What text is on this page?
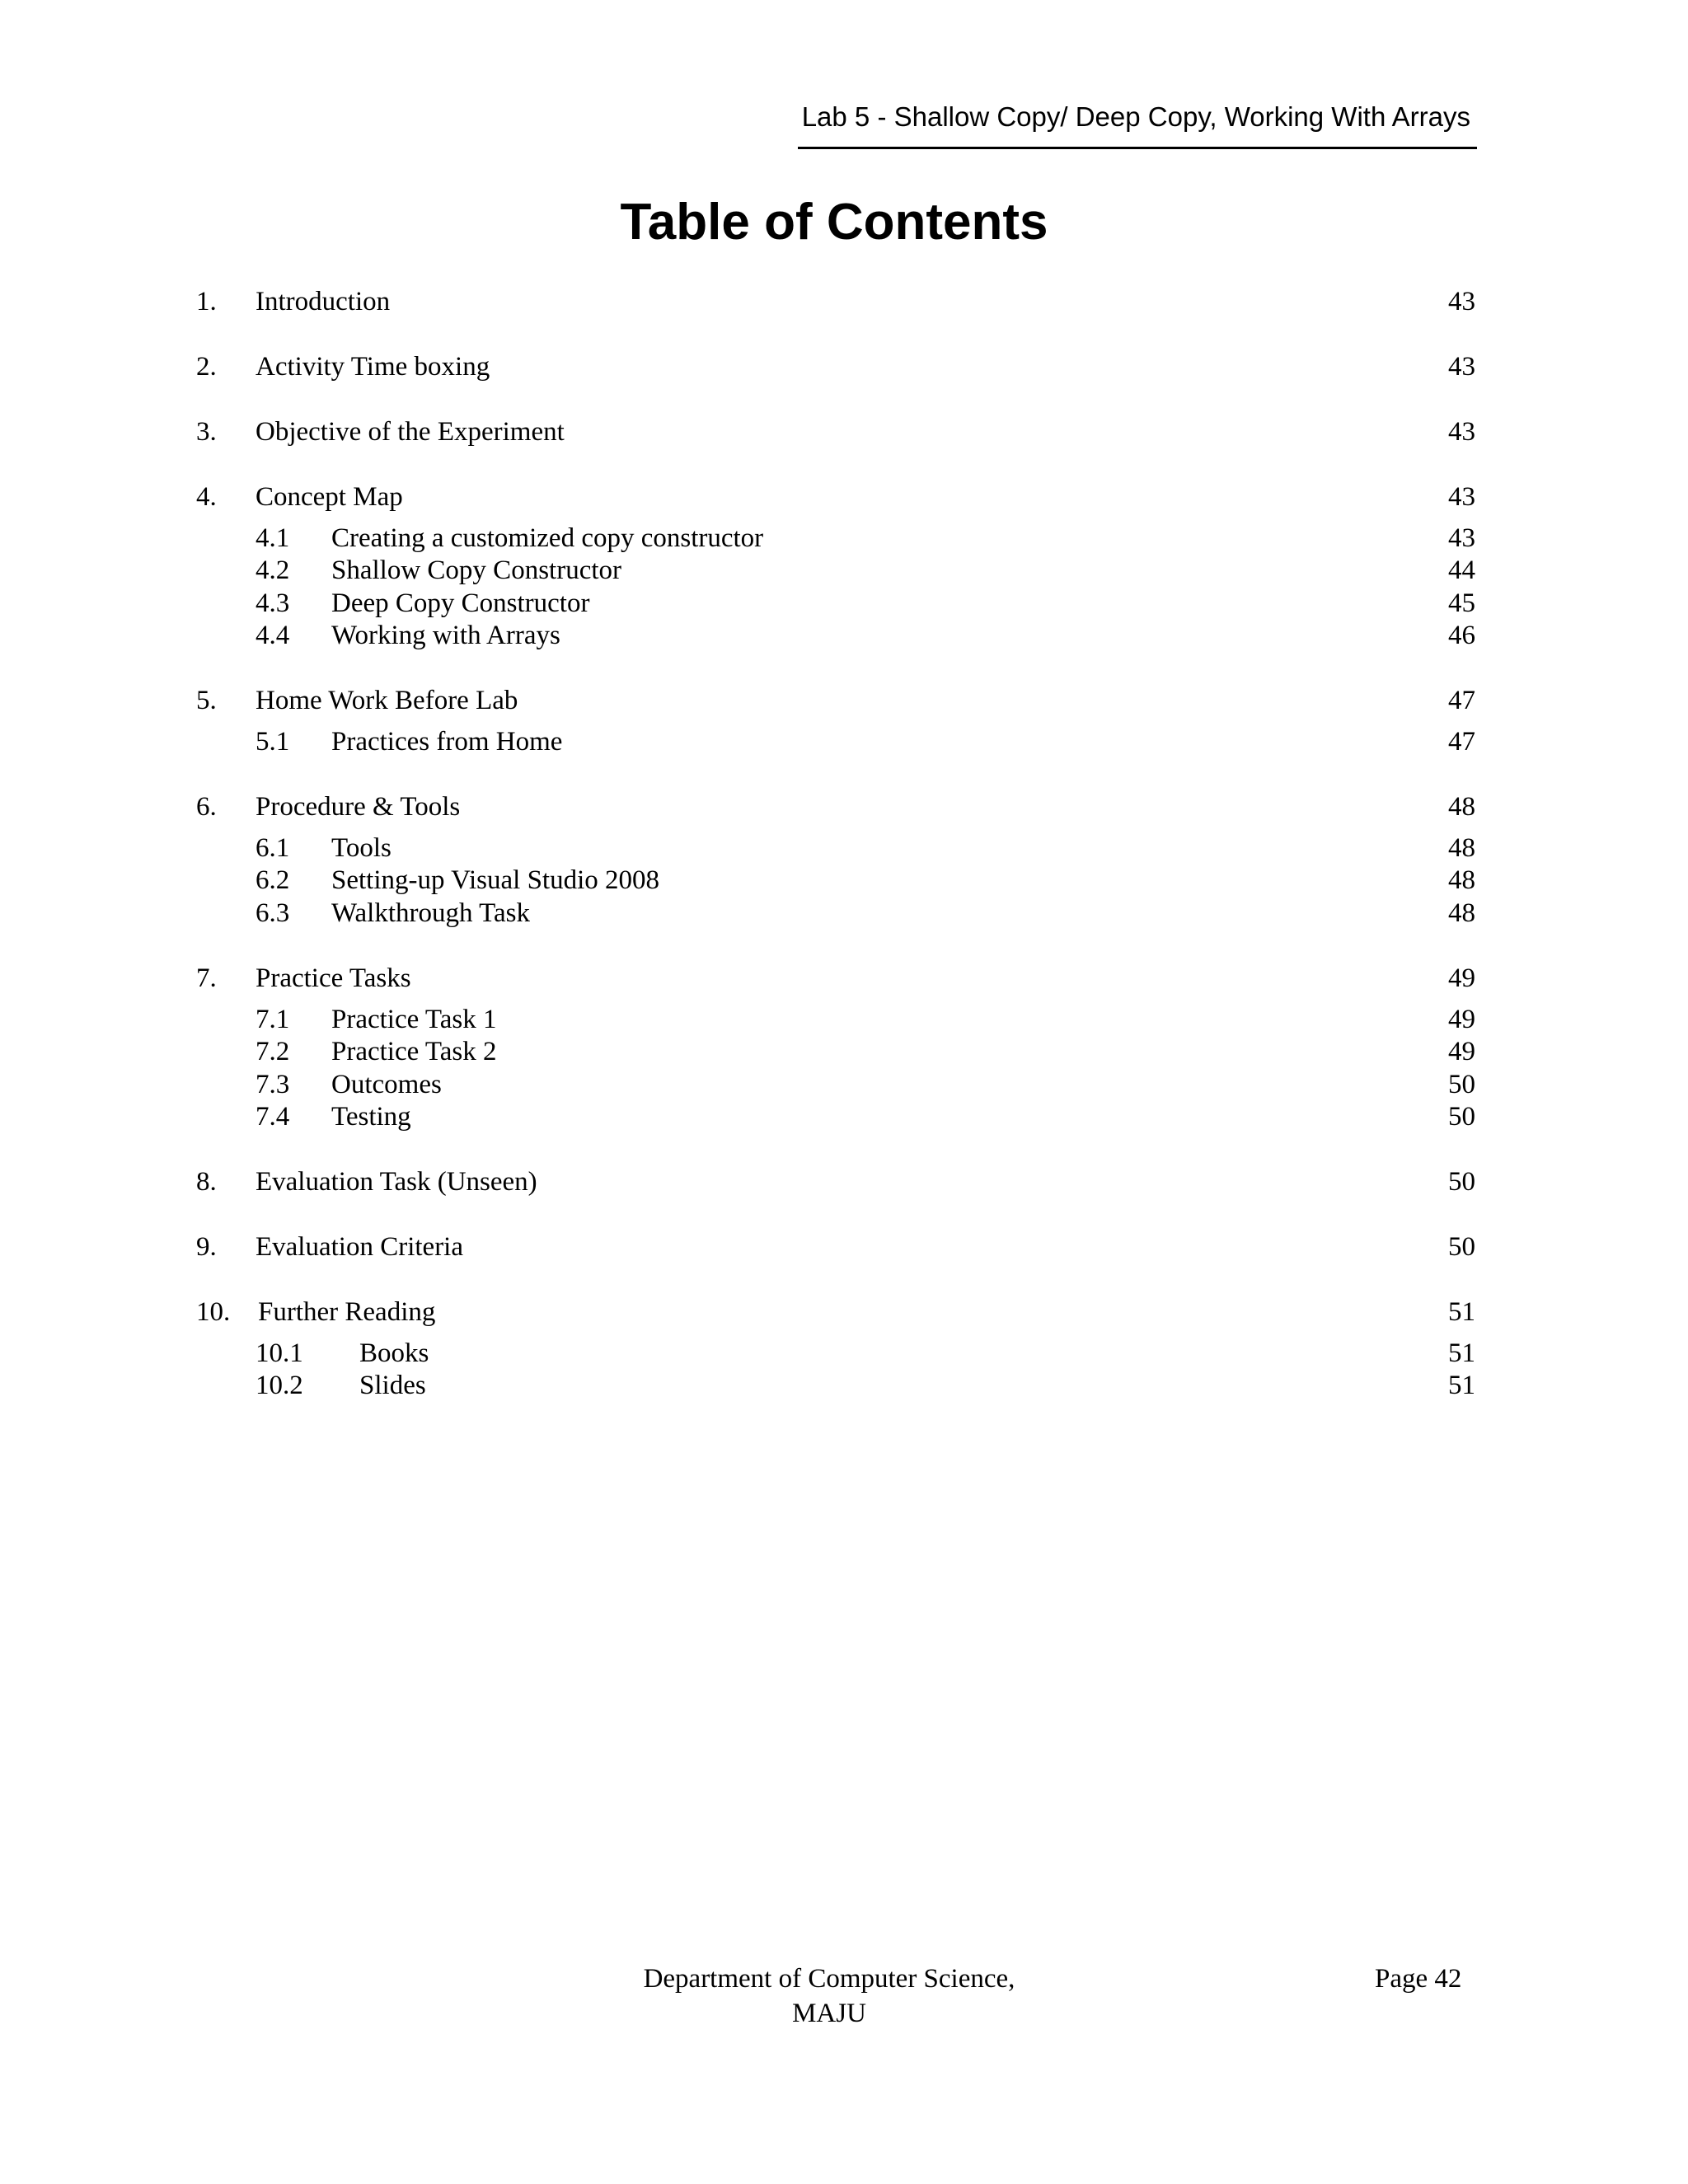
Lab 5 - Shallow Copy/ Deep Copy, Working With Arrays
Table of Contents
1. Introduction	43
2. Activity Time boxing	43
3. Objective of the Experiment	43
4. Concept Map	43
4.1 Creating a customized copy constructor	43
4.2 Shallow Copy Constructor	44
4.3 Deep Copy Constructor	45
4.4 Working with Arrays	46
5. Home Work Before Lab	47
5.1 Practices from Home	47
6. Procedure & Tools	48
6.1 Tools	48
6.2 Setting-up Visual Studio 2008	48
6.3 Walkthrough Task	48
7. Practice Tasks	49
7.1 Practice Task 1	49
7.2 Practice Task 2	49
7.3 Outcomes	50
7.4 Testing	50
8. Evaluation Task (Unseen)	50
9. Evaluation Criteria	50
10. Further Reading	51
10.1 Books	51
10.2 Slides	51
Department of Computer Science,
MAJU
Page 42
